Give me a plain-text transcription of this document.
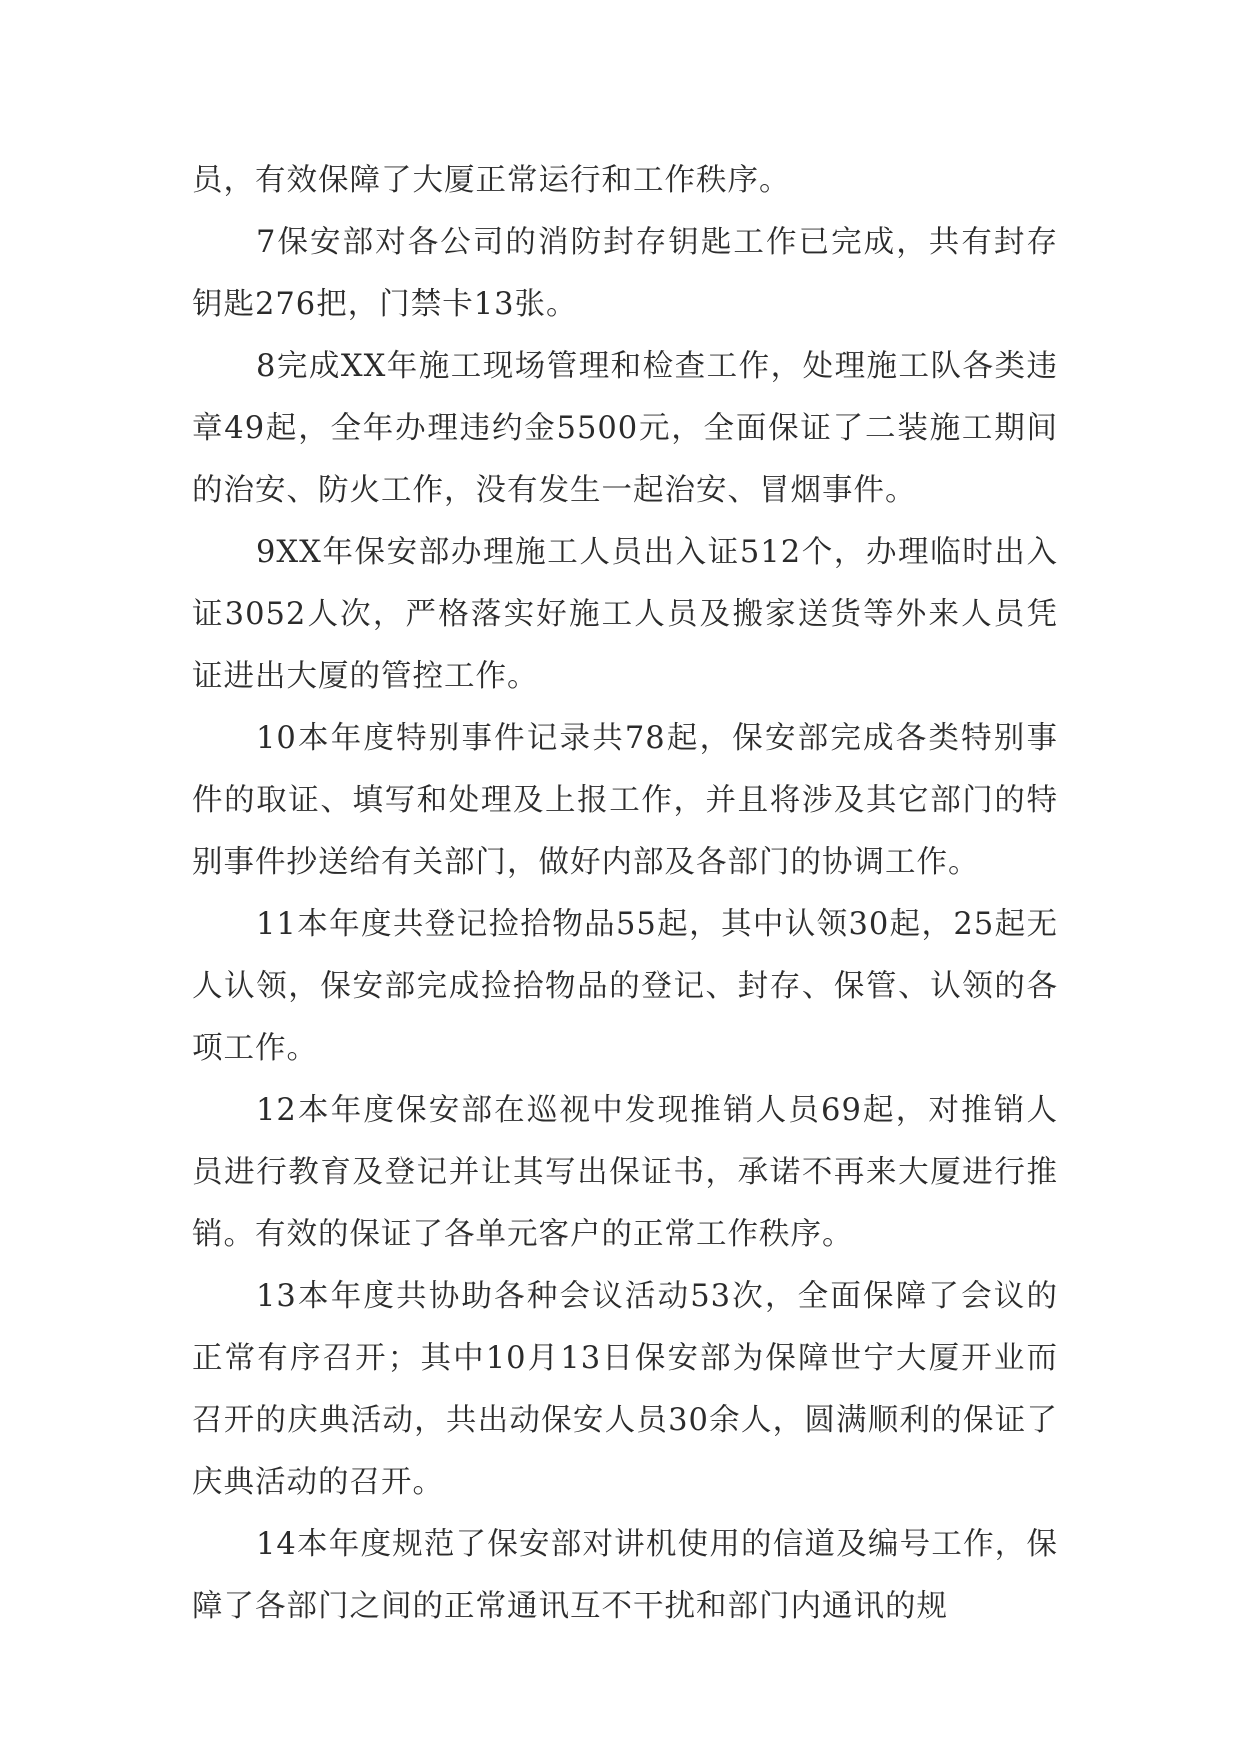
员，有效保障了大厦正常运行和工作秩序。

7保安部对各公司的消防封存钥匙工作已完成，共有封存钥匙276把，门禁卡13张。

8完成XX年施工现场管理和检查工作，处理施工队各类违章49起，全年办理违约金5500元，全面保证了二装施工期间的治安、防火工作，没有发生一起治安、冒烟事件。

9XX年保安部办理施工人员出入证512个，办理临时出入证3052人次，严格落实好施工人员及搬家送货等外来人员凭证进出大厦的管控工作。

10本年度特别事件记录共78起，保安部完成各类特别事件的取证、填写和处理及上报工作，并且将涉及其它部门的特别事件抄送给有关部门，做好内部及各部门的协调工作。

11本年度共登记捡拾物品55起，其中认领30起，25起无人认领，保安部完成捡拾物品的登记、封存、保管、认领的各项工作。

12本年度保安部在巡视中发现推销人员69起，对推销人员进行教育及登记并让其写出保证书，承诺不再来大厦进行推销。有效的保证了各单元客户的正常工作秩序。

13本年度共协助各种会议活动53次，全面保障了会议的正常有序召开；其中10月13日保安部为保障世宁大厦开业而召开的庆典活动，共出动保安人员30余人，圆满顺利的保证了庆典活动的召开。

14本年度规范了保安部对讲机使用的信道及编号工作，保障了各部门之间的正常通讯互不干扰和部门内通讯的规
